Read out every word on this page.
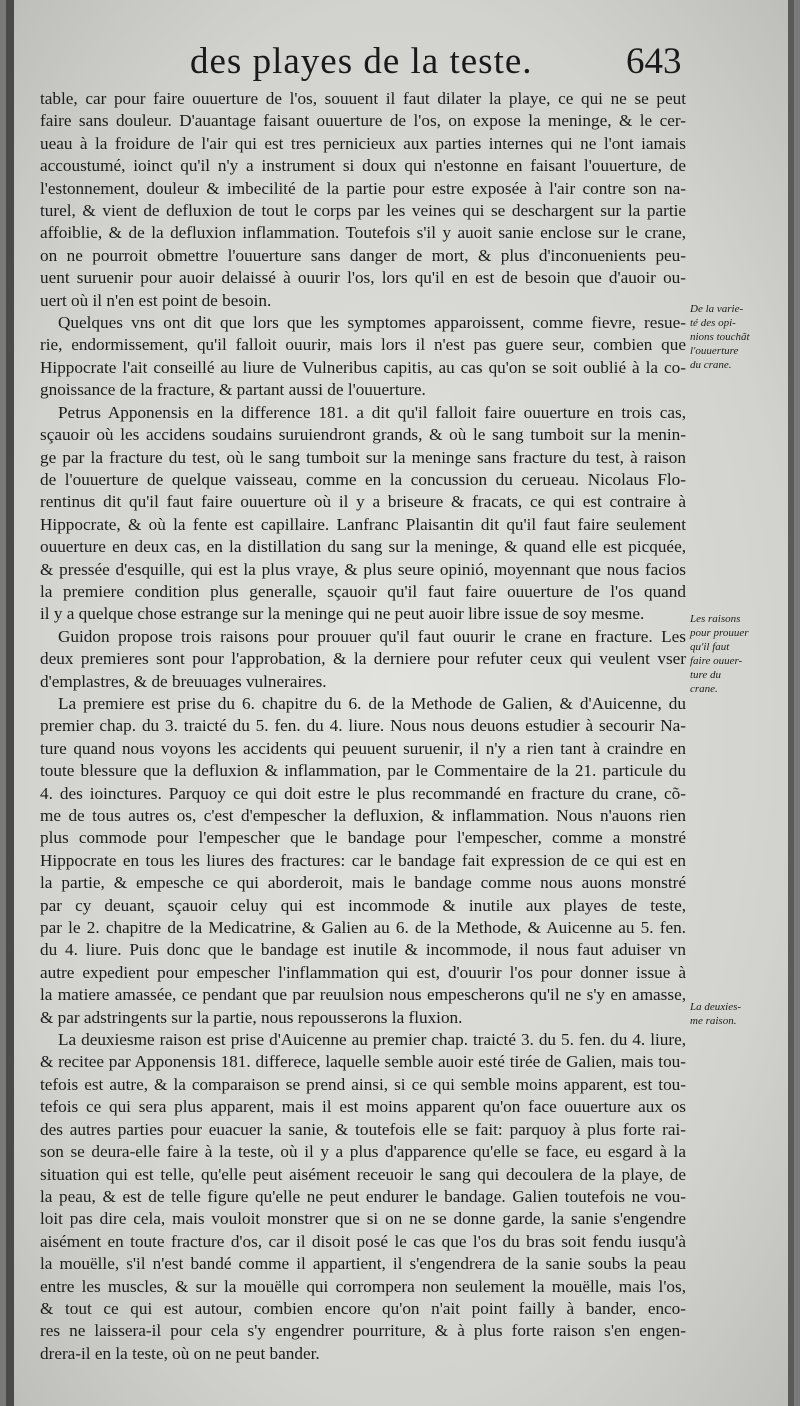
des playes de la teste.	643
table, car pour faire ouuerture de l'os, souuent il faut dilater la playe, ce qui ne se peut
faire sans douleur. D'auantage faisant ouuerture de l'os, on expose la meninge, & le cer-
ueau à la froidure de l'air qui est tres pernicieux aux parties internes qui ne l'ont iamais
accoustumé, ioinct qu'il n'y a instrument si doux qui n'estonne en faisant l'ouuerture, de
l'estonnement, douleur & imbecilité de la partie pour estre exposée à l'air contre son na-
turel, & vient de defluxion de tout le corps par les veines qui se deschargent sur la partie
affoiblie, & de la defluxion inflammation. Toutefois s'il y auoit sanie enclose sur le crane,
on ne pourroit obmettre l'ouuerture sans danger de mort, & plus d'inconuenients peu-
uent suruenir pour auoir delaissé à ouurir l'os, lors qu'il en est de besoin que d'auoir ou-
uert où il n'en est point de besoin.
Quelques vns ont dit que lors que les symptomes apparoissent, comme fievre, resue-
rie, endormissement, qu'il falloit ouurir, mais lors il n'est pas guere seur, combien que
Hippocrate l'ait conseillé au liure de Vulneribus capitis, au cas qu'on se soit oublié à la co-
gnoissance de la fracture, & partant aussi de l'ouuerture.
Petrus Apponensis en la difference 181. a dit qu'il falloit faire ouuerture en trois cas,
sçauoir où les accidens soudains suruiendront grands, & où le sang tumboit sur la menin-
ge par la fracture du test, où le sang tumboit sur la meninge sans fracture du test, à raison
de l'ouuerture de quelque vaisseau, comme en la concussion du cerueau. Nicolaus Flo-
rentinus dit qu'il faut faire ouuerture où il y a briseure & fracats, ce qui est contraire à
Hippocrate, & où la fente est capillaire. Lanfranc Plaisantin dit qu'il faut faire seulement
ouuerture en deux cas, en la distillation du sang sur la meninge, & quand elle est picquée,
& pressée d'esquille, qui est la plus vraye, & plus seure opinió, moyennant que nous facios
la premiere condition plus generalle, sçauoir qu'il faut faire ouuerture de l'os quand
il y a quelque chose estrange sur la meninge qui ne peut auoir libre issue de soy mesme.
Guidon propose trois raisons pour prouuer qu'il faut ouurir le crane en fracture. Les
deux premieres sont pour l'approbation, & la derniere pour refuter ceux qui veulent vser
d'emplastres, & de breuuages vulneraires.
La premiere est prise du 6. chapitre du 6. de la Methode de Galien, & d'Auicenne, du
premier chap. du 3. traicté du 5. fen. du 4. liure. Nous nous deuons estudier à secourir Na-
ture quand nous voyons les accidents qui peuuent suruenir, il n'y a rien tant à craindre en
toute blessure que la defluxion & inflammation, par le Commentaire de la 21. particule du
4. des ioinctures. Parquoy ce qui doit estre le plus recommandé en fracture du crane, cõ-
me de tous autres os, c'est d'empescher la defluxion, & inflammation. Nous n'auons rien
plus commode pour l'empescher que le bandage pour l'empescher, comme a monstré
Hippocrate en tous les liures des fractures: car le bandage fait expression de ce qui est en
la partie, & empesche ce qui aborderoit, mais le bandage comme nous auons monstré
par cy deuant, sçauoir celuy qui est incommode & inutile aux playes de teste,
par le 2. chapitre de la Medicatrine, & Galien au 6. de la Methode, & Auicenne au 5. fen.
du 4. liure. Puis donc que le bandage est inutile & incommode, il nous faut aduiser vn
autre expedient pour empescher l'inflammation qui est, d'ouurir l'os pour donner issue à
la matiere amassée, ce pendant que par reuulsion nous empescherons qu'il ne s'y en amasse,
& par adstringents sur la partie, nous repousserons la fluxion.
La deuxiesme raison est prise d'Auicenne au premier chap. traicté 3. du 5. fen. du 4. liure,
& recitee par Apponensis 181. differece, laquelle semble auoir esté tirée de Galien, mais tou-
tefois est autre, & la comparaison se prend ainsi, si ce qui semble moins apparent, est tou-
tefois ce qui sera plus apparent, mais il est moins apparent qu'on face ouuerture aux os
des autres parties pour euacuer la sanie, & toutefois elle se fait: parquoy à plus forte rai-
son se deura-elle faire à la teste, où il y a plus d'apparence qu'elle se face, eu esgard à la
situation qui est telle, qu'elle peut aisément receuoir le sang qui decoulera de la playe, de
la peau, & est de telle figure qu'elle ne peut endurer le bandage. Galien toutefois ne vou-
loit pas dire cela, mais vouloit monstrer que si on ne se donne garde, la sanie s'engendre
aisément en toute fracture d'os, car il disoit posé le cas que l'os du bras soit fendu iusqu'à
la mouëlle, s'il n'est bandé comme il appartient, il s'engendrera de la sanie soubs la peau
entre les muscles, & sur la mouëlle qui corrompera non seulement la mouëlle, mais l'os,
& tout ce qui est autour, combien encore qu'on n'ait point failly à bander, enco-
res ne laissera-il pour cela s'y engendrer pourriture, & à plus forte raison s'en engen-
drera-il en la teste, où on ne peut bander.
De la varie-
té des opi-
nions touchãt
l'ouuerture
du crane.
Les raisons
pour prouuer
qu'il faut
faire ouuer-
ture du
crane.
La deuxies-
me raison.
